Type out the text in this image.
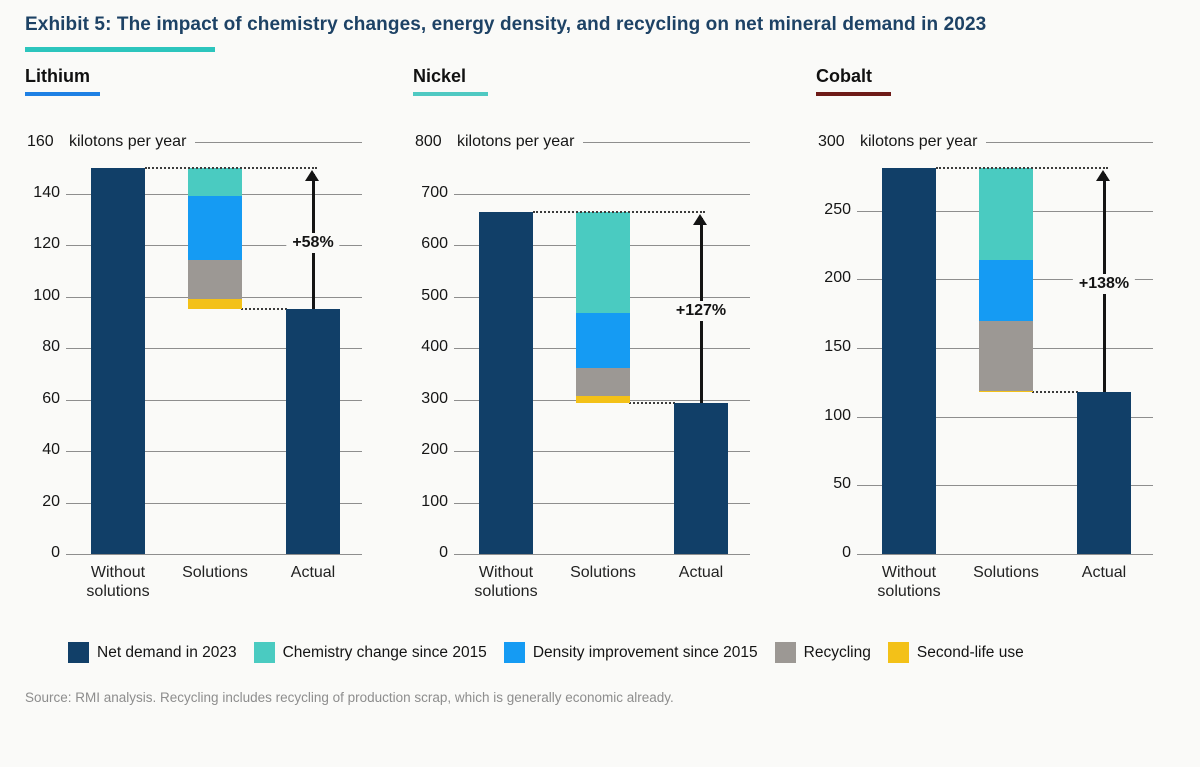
Exhibit 5: The impact of chemistry changes, energy density, and recycling on net mineral demand in 2023
Lithium
160 kilotons per year
+58%
140
120
100
80
60
40
20
0
Without solutions
Solutions	Actual
Nickel
800 kilotons per year
+127%
700
600
500
400
300
200
100
0
Without solutions
Solutions	Actual
Cobalt
300 kilotons per year
+138%
250
200
150
100
50
0
Without solutions
Solutions	Actual
Net demand in 2023	Chemistry change since 2015	Density improvement since 2015	Recycling	Second-life use
Source: RMI analysis. Recycling includes recycling of production scrap, which is generally economic already.
